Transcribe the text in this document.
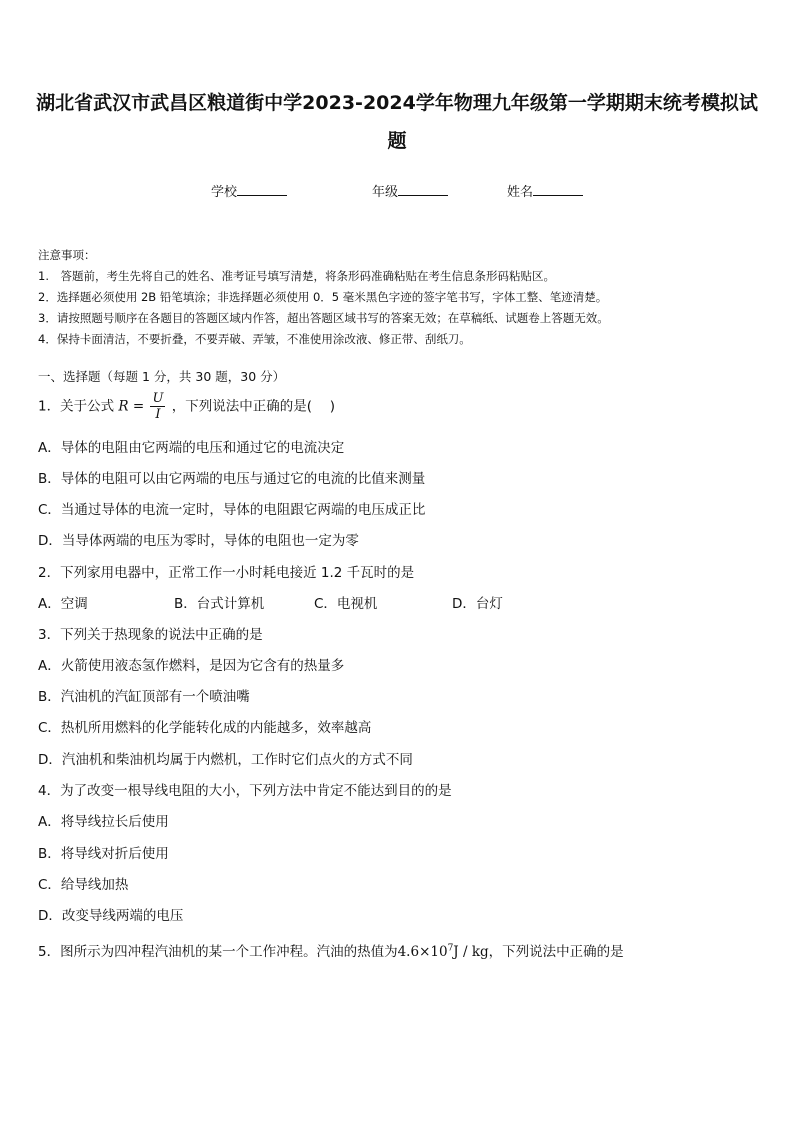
湖北省武汉市武昌区粮道街中学2023-2024学年物理九年级第一学期期末统考模拟试
题
学校	年级	姓名
注意事项：
1.　答题前，考生先将自己的姓名、准考证号填写清楚，将条形码准确粘贴在考生信息条形码粘贴区。
2．选择题必须使用 2B 铅笔填涂；非选择题必须使用 0．5 毫米黑色字迹的签字笔书写，字体工整、笔迹清楚。
3．请按照题号顺序在各题目的答题区域内作答，超出答题区域书写的答案无效；在草稿纸、试题卷上答题无效。
4．保持卡面清洁，不要折叠，不要弄破、弄皱，不准使用涂改液、修正带、刮纸刀。
一、选择题（每题 1 分，共 30 题，30 分）
1．关于公式 $R = \frac{U}{I}$ ，下列说法中正确的是(　 )
A．导体的电阻由它两端的电压和通过它的电流决定
B．导体的电阻可以由它两端的电压与通过它的电流的比值来测量
C．当通过导体的电流一定时，导体的电阻跟它两端的电压成正比
D．当导体两端的电压为零时，导体的电阻也一定为零
2．下列家用电器中，正常工作一小时耗电接近 1.2 千瓦时的是
A．空调	B．台式计算机	C．电视机	D．台灯
3．下列关于热现象的说法中正确的是
A．火箭使用液态氢作燃料，是因为它含有的热量多
B．汽油机的汽缸顶部有一个喷油嘴
C．热机所用燃料的化学能转化成的内能越多，效率越高
D．汽油机和柴油机均属于内燃机，工作时它们点火的方式不同
4．为了改变一根导线电阻的大小，下列方法中肯定不能达到目的的是
A．将导线拉长后使用
B．将导线对折后使用
C．给导线加热
D．改变导线两端的电压
5．图所示为四冲程汽油机的某一个工作冲程。汽油的热值为$4.6\times 10^7J$ / kg，下列说法中正确的是
